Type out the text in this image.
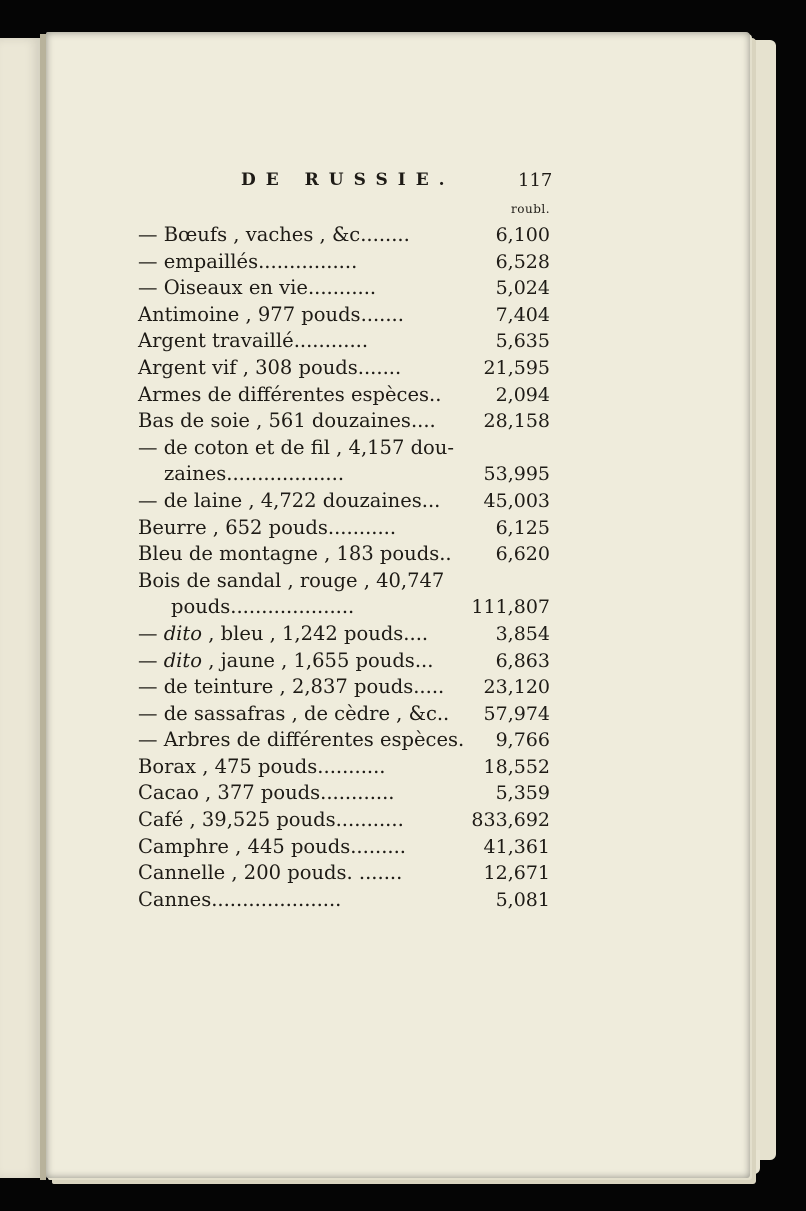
DE RUSSIE.	117
roubl.
— Bœufs , vaches , &c........	6,100
— empaillés................	6,528
— Oiseaux en vie...........	5,024
Antimoine , 977 pouds.......	7,404
Argent travaillé............	5,635
Argent vif , 308 pouds.......	21,595
Armes de différentes espèces..	2,094
Bas de soie , 561 douzaines....	28,158
— de coton et de fil , 4,157 dou-
zaines...................	53,995
— de laine , 4,722 douzaines... 45,003
Beurre , 652 pouds...........	6,125
Bleu de montagne , 183 pouds.. 6,620
Bois de sandal , rouge , 40,747
pouds....................	111,807
— dito , bleu , 1,242 pouds....	3,854
— dito , jaune , 1,655 pouds...	6,863
— de teinture , 2,837 pouds..... 23,120
— de sassafras , de cèdre , &c.. 57,974
— Arbres de différentes espèces. 9,766
Borax , 475 pouds...........	18,552
Cacao , 377 pouds............	5,359
Café , 39,525 pouds...........	833,692
Camphre , 445 pouds.........	41,361
Cannelle , 200 pouds. .......	12,671
Cannes.....................	5,081
